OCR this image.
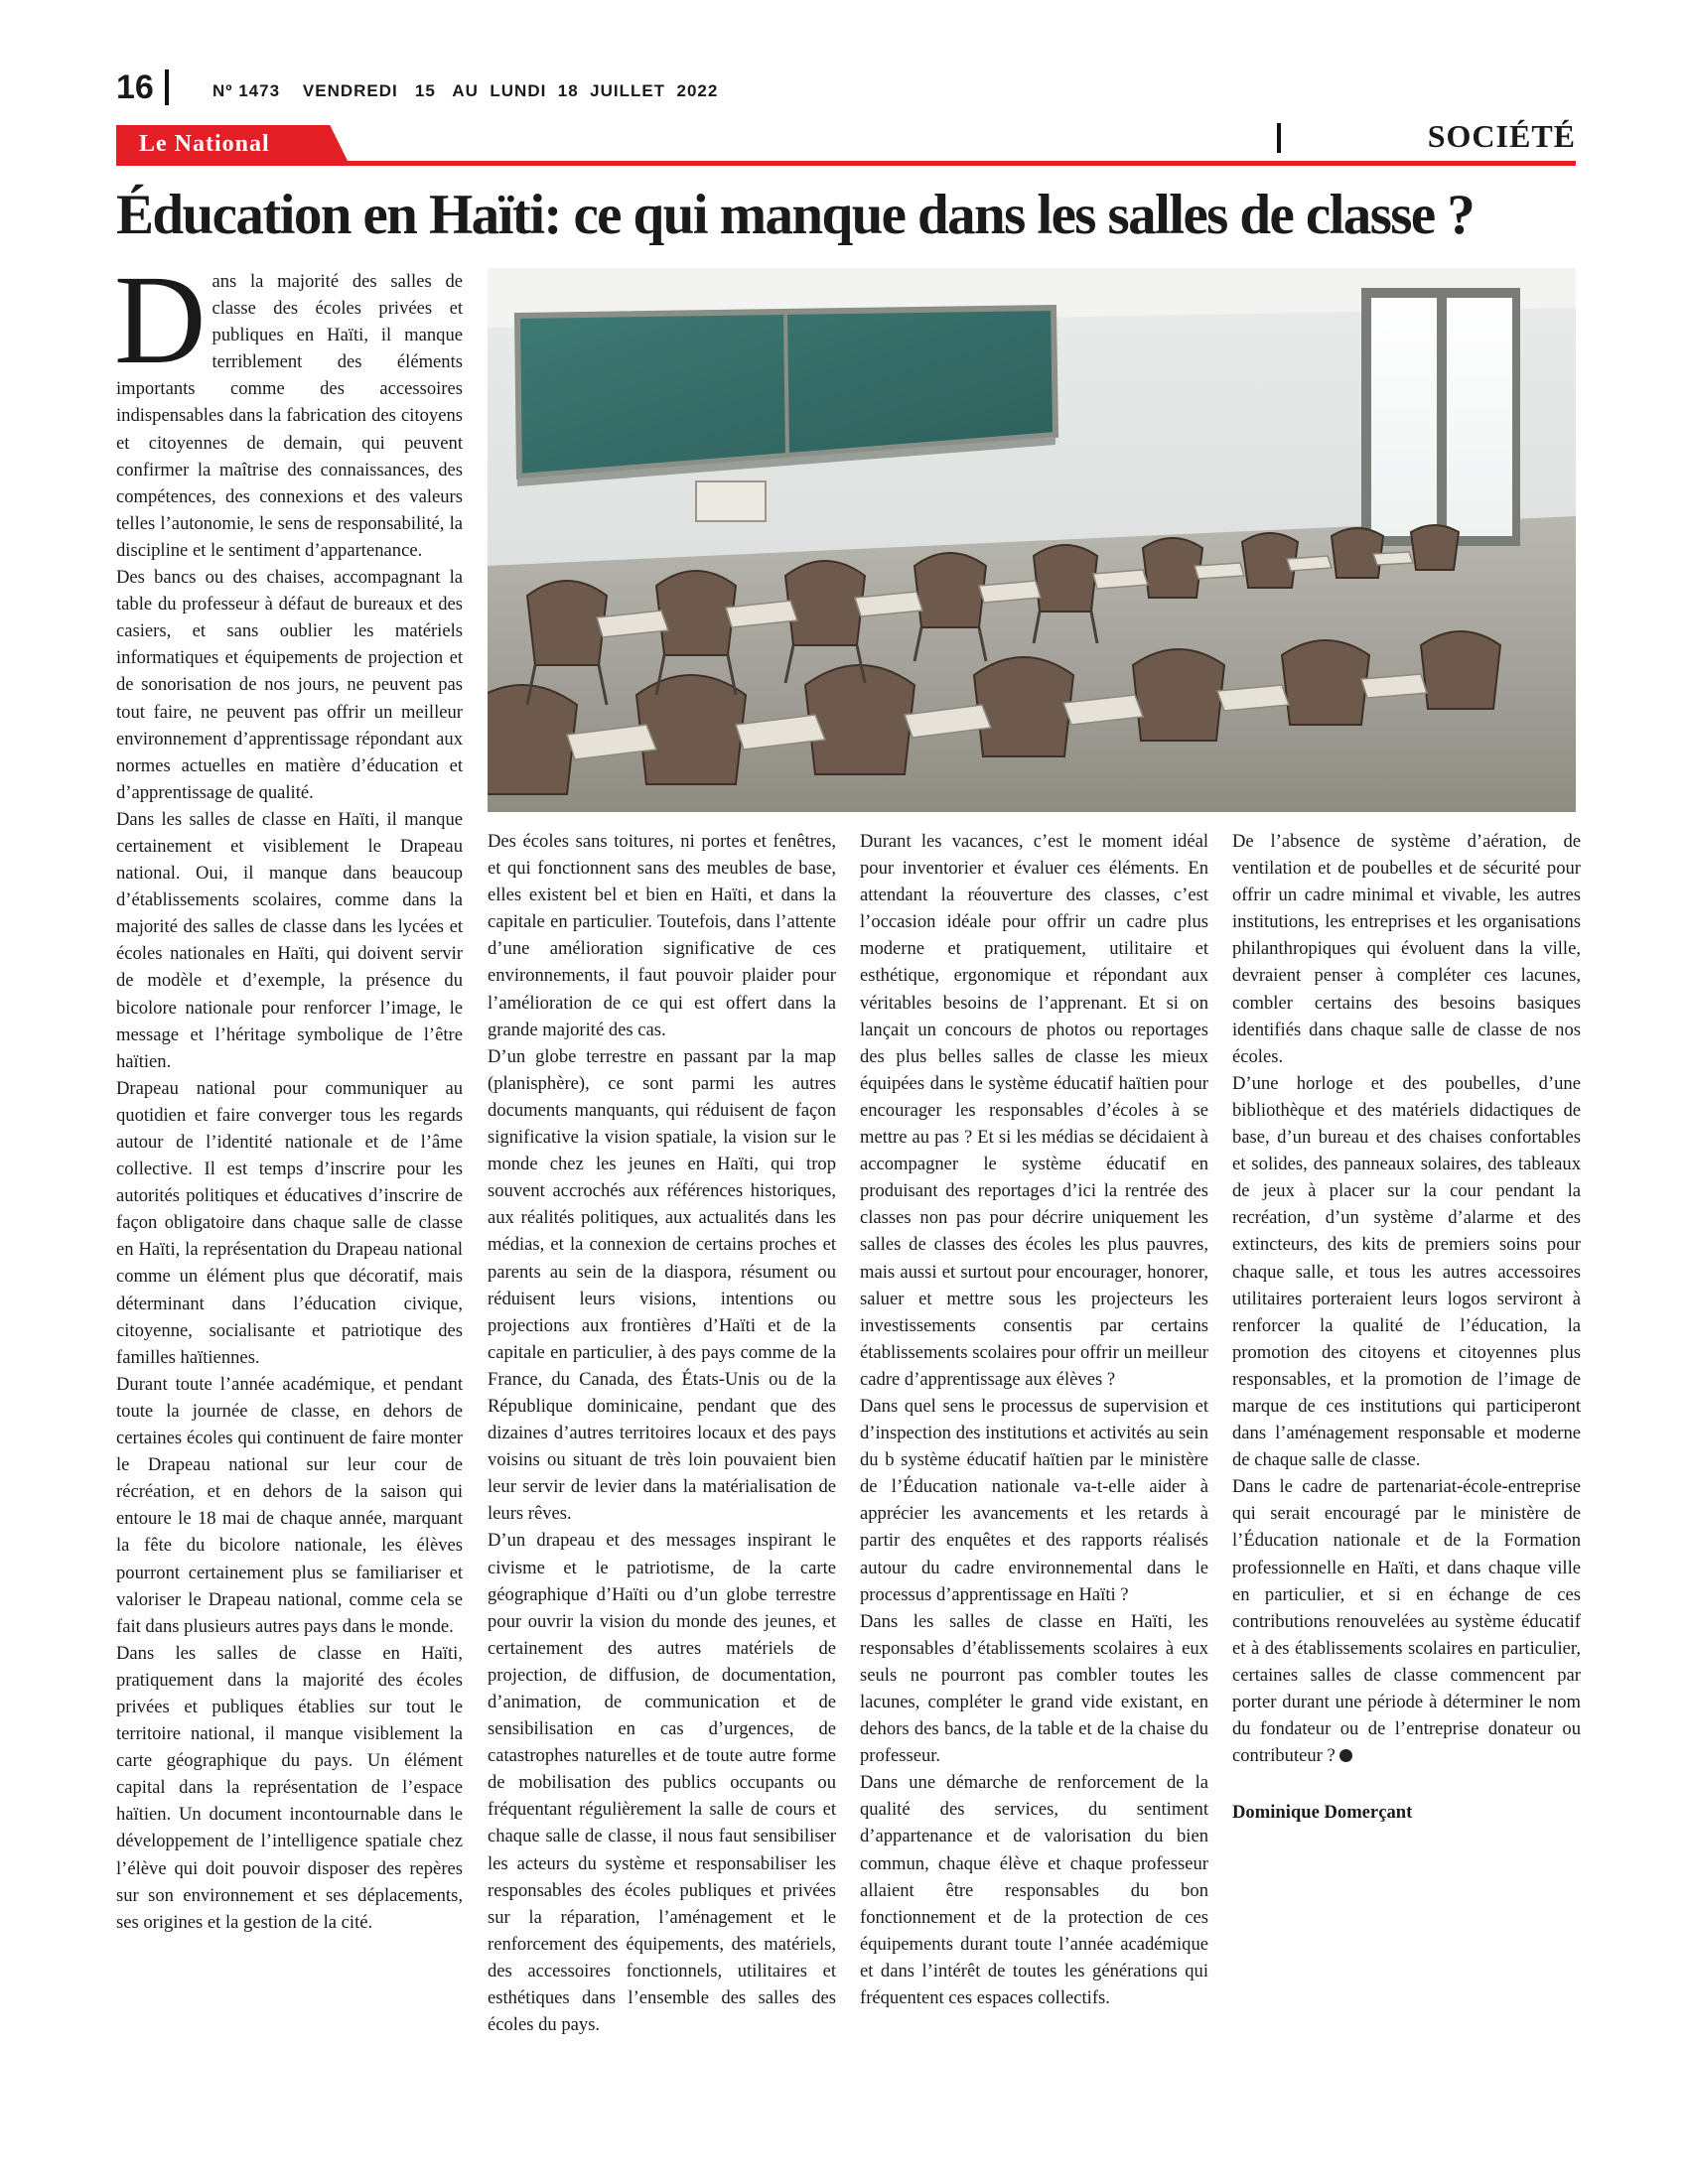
16	Nº 1473    VENDREDI   15   AU  LUNDI  18  JUILLET  2022
Le National	SOCIÉTÉ
Éducation en Haïti: ce qui manque dans les salles de classe ?

Dans la majorité des salles de classe des écoles privées et publiques en Haïti, il manque terriblement des éléments importants comme des accessoires indispensables dans la fabrication des citoyens et citoyennes de demain, qui peuvent confirmer la maîtrise des connaissances, des compétences, des connexions et des valeurs telles l’autonomie, le sens de responsabilité, la discipline et le sentiment d’appartenance.

Des bancs ou des chaises, accompagnant la table du professeur à défaut de bureaux et des casiers, et sans oublier les matériels informatiques et équipements de projection et de sonorisation de nos jours, ne peuvent pas tout faire, ne peuvent pas offrir un meilleur environnement d’apprentissage répondant aux normes actuelles en matière d’éducation et d’apprentissage de qualité.

Dans les salles de classe en Haïti, il manque certainement et visiblement le Drapeau national. Oui, il manque dans beaucoup d’établissements scolaires, comme dans la majorité des salles de classe dans les lycées et écoles nationales en Haïti, qui doivent servir de modèle et d’exemple, la présence du bicolore nationale pour renforcer l’image, le message et l’héritage symbolique de l’être haïtien.

Drapeau national pour communiquer au quotidien et faire converger tous les regards autour de l’identité nationale et de l’âme collective. Il est temps d’inscrire pour les autorités politiques et éducatives d’inscrire de façon obligatoire dans chaque salle de classe en Haïti, la représentation du Drapeau national comme un élément plus que décoratif, mais déterminant dans l’éducation civique, citoyenne, socialisante et patriotique des familles haïtiennes.

Durant toute l’année académique, et pendant toute la journée de classe, en dehors de certaines écoles qui continuent de faire monter le Drapeau national sur leur cour de récréation, et en dehors de la saison qui entoure le 18 mai de chaque année, marquant la fête du bicolore nationale, les élèves pourront certainement plus se familiariser et valoriser le Drapeau national, comme cela se fait dans plusieurs autres pays dans le monde.

Dans les salles de classe en Haïti, pratiquement dans la majorité des écoles privées et publiques établies sur tout le territoire national, il manque visiblement la carte géographique du pays. Un élément capital dans la représentation de l’espace haïtien. Un document incontournable dans le développement de l’intelligence spatiale chez l’élève qui doit pouvoir disposer des repères sur son environnement et ses déplacements, ses origines et la gestion de la cité.

Des écoles sans toitures, ni portes et fenêtres, et qui fonctionnent sans des meubles de base, elles existent bel et bien en Haïti, et dans la capitale en particulier. Toutefois, dans l’attente d’une amélioration significative de ces environnements, il faut pouvoir plaider pour l’amélioration de ce qui est offert dans la grande majorité des cas.

D’un globe terrestre en passant par la map (planisphère), ce sont parmi les autres documents manquants, qui réduisent de façon significative la vision spatiale, la vision sur le monde chez les jeunes en Haïti, qui trop souvent accrochés aux références historiques, aux réalités politiques, aux actualités dans les médias, et la connexion de certains proches et parents au sein de la diaspora, résument ou réduisent leurs visions, intentions ou projections aux frontières d’Haïti et de la capitale en particulier, à des pays comme de la France, du Canada, des États-Unis ou de la République dominicaine, pendant que des dizaines d’autres territoires locaux et des pays voisins ou situant de très loin pouvaient bien leur servir de levier dans la matérialisation de leurs rêves.

D’un drapeau et des messages inspirant le civisme et le patriotisme, de la carte géographique d’Haïti ou d’un globe terrestre pour ouvrir la vision du monde des jeunes, et certainement des autres matériels de projection, de diffusion, de documentation, d’animation, de communication et de sensibilisation en cas d’urgences, de catastrophes naturelles et de toute autre forme de mobilisation des publics occupants ou fréquentant régulièrement la salle de cours et chaque salle de classe, il nous faut sensibiliser les acteurs du système et responsabiliser les responsables des écoles publiques et privées sur la réparation, l’aménagement et le renforcement des équipements, des matériels, des accessoires fonctionnels, utilitaires et esthétiques dans l’ensemble des salles des écoles du pays.

Durant les vacances, c’est le moment idéal pour inventorier et évaluer ces éléments. En attendant la réouverture des classes, c’est l’occasion idéale pour offrir un cadre plus moderne et pratiquement, utilitaire et esthétique, ergonomique et répondant aux véritables besoins de l’apprenant. Et si on lançait un concours de photos ou reportages des plus belles salles de classe les mieux équipées dans le système éducatif haïtien pour encourager les responsables d’écoles à se mettre au pas ? Et si les médias se décidaient à accompagner le système éducatif en produisant des reportages d’ici la rentrée des classes non pas pour décrire uniquement les salles de classes des écoles les plus pauvres, mais aussi et surtout pour encourager, honorer, saluer et mettre sous les projecteurs les investissements consentis par certains établissements scolaires pour offrir un meilleur cadre d’apprentissage aux élèves ?

Dans quel sens le processus de supervision et d’inspection des institutions et activités au sein du b système éducatif haïtien par le ministère de l’Éducation nationale va-t-elle aider à apprécier les avancements et les retards à partir des enquêtes et des rapports réalisés autour du cadre environnemental dans le processus d’apprentissage en Haïti ?

Dans les salles de classe en Haïti, les responsables d’établissements scolaires à eux seuls ne pourront pas combler toutes les lacunes, compléter le grand vide existant, en dehors des bancs, de la table et de la chaise du professeur.

Dans une démarche de renforcement de la qualité des services, du sentiment d’appartenance et de valorisation du bien commun, chaque élève et chaque professeur allaient être responsables du bon fonctionnement et de la protection de ces équipements durant toute l’année académique et dans l’intérêt de toutes les générations qui fréquentent ces espaces collectifs.

De l’absence de système d’aération, de ventilation et de poubelles et de sécurité pour offrir un cadre minimal et vivable, les autres institutions, les entreprises et les organisations philanthropiques qui évoluent dans la ville, devraient penser à compléter ces lacunes, combler certains des besoins basiques identifiés dans chaque salle de classe de nos écoles.

D’une horloge et des poubelles, d’une bibliothèque et des matériels didactiques de base, d’un bureau et des chaises confortables et solides, des panneaux solaires, des tableaux de jeux à placer sur la cour pendant la recréation, d’un système d’alarme et des extincteurs, des kits de premiers soins pour chaque salle, et tous les autres accessoires utilitaires porteraient leurs logos serviront à renforcer la qualité de l’éducation, la promotion des citoyens et citoyennes plus responsables, et la promotion de l’image de marque de ces institutions qui participeront dans l’aménagement responsable et moderne de chaque salle de classe.

Dans le cadre de partenariat-école-entreprise qui serait encouragé par le ministère de l’Éducation nationale et de la Formation professionnelle en Haïti, et dans chaque ville en particulier, et si en échange de ces contributions renouvelées au système éducatif et à des établissements scolaires en particulier, certaines salles de classe commencent par porter durant une période à déterminer le nom du fondateur ou de l’entreprise donateur ou contributeur ?

Dominique Domerçant
